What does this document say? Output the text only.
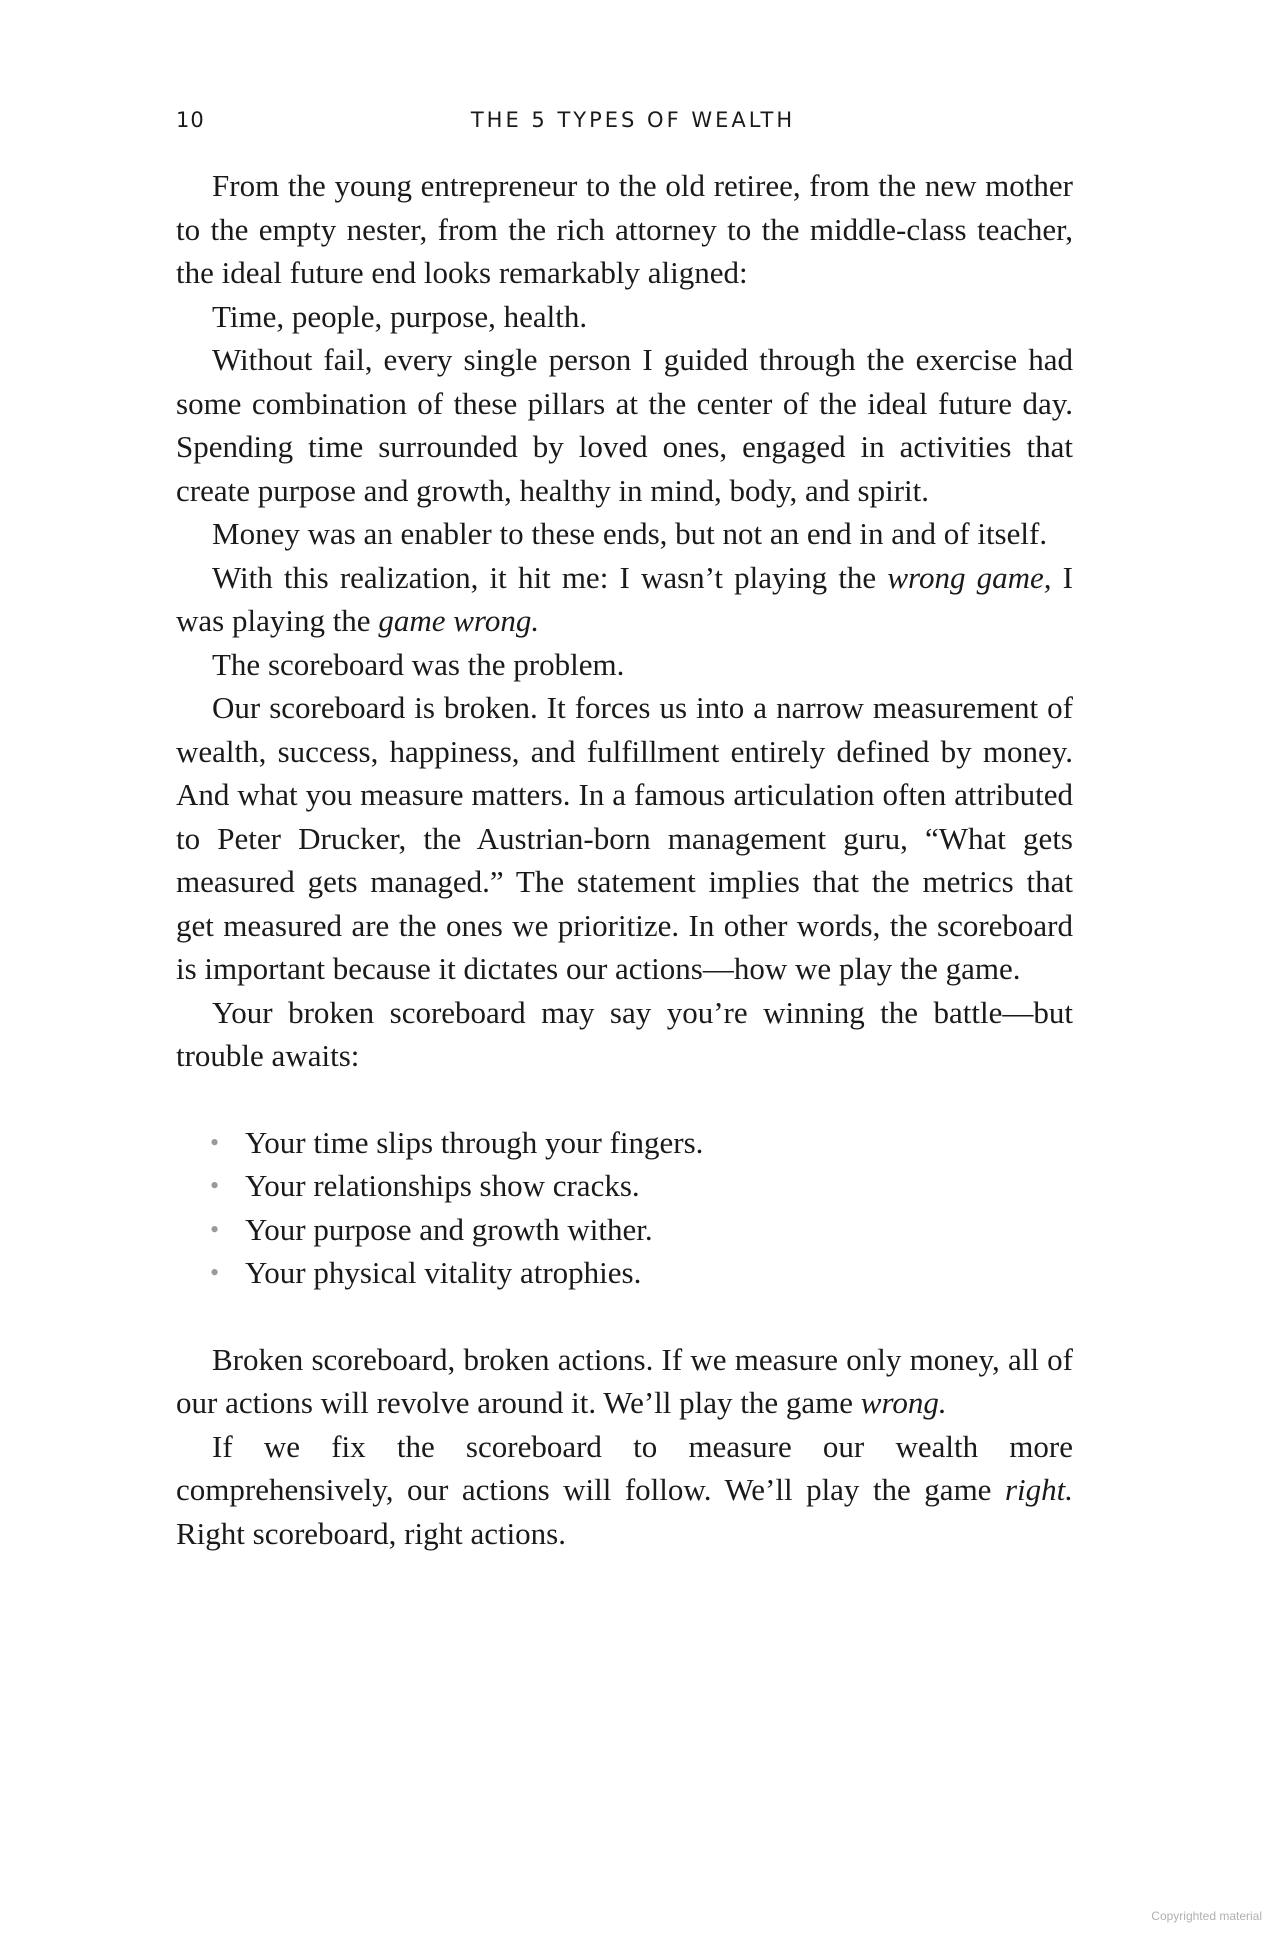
10	THE 5 TYPES OF WEALTH

From the young entrepreneur to the old retiree, from the new mother to the empty nester, from the rich attorney to the middle-class teacher, the ideal future end looks remarkably aligned:

Time, people, purpose, health.

Without fail, every single person I guided through the exercise had some combination of these pillars at the center of the ideal future day. Spending time surrounded by loved ones, engaged in activities that create purpose and growth, healthy in mind, body, and spirit.

Money was an enabler to these ends, but not an end in and of itself.

With this realization, it hit me: I wasn’t playing the wrong game, I was playing the game wrong.

The scoreboard was the problem.

Our scoreboard is broken. It forces us into a narrow measurement of wealth, success, happiness, and fulfillment entirely defined by money. And what you measure matters. In a famous articulation often attributed to Peter Drucker, the Austrian-born management guru, “What gets measured gets managed.” The statement implies that the metrics that get measured are the ones we prioritize. In other words, the scoreboard is important because it dictates our actions—how we play the game.

Your broken scoreboard may say you’re winning the battle—but trouble awaits:

• Your time slips through your fingers.
• Your relationships show cracks.
• Your purpose and growth wither.
• Your physical vitality atrophies.

Broken scoreboard, broken actions. If we measure only money, all of our actions will revolve around it. We’ll play the game wrong.

If we fix the scoreboard to measure our wealth more comprehensively, our actions will follow. We’ll play the game right. Right scoreboard, right actions.

Copyrighted material
